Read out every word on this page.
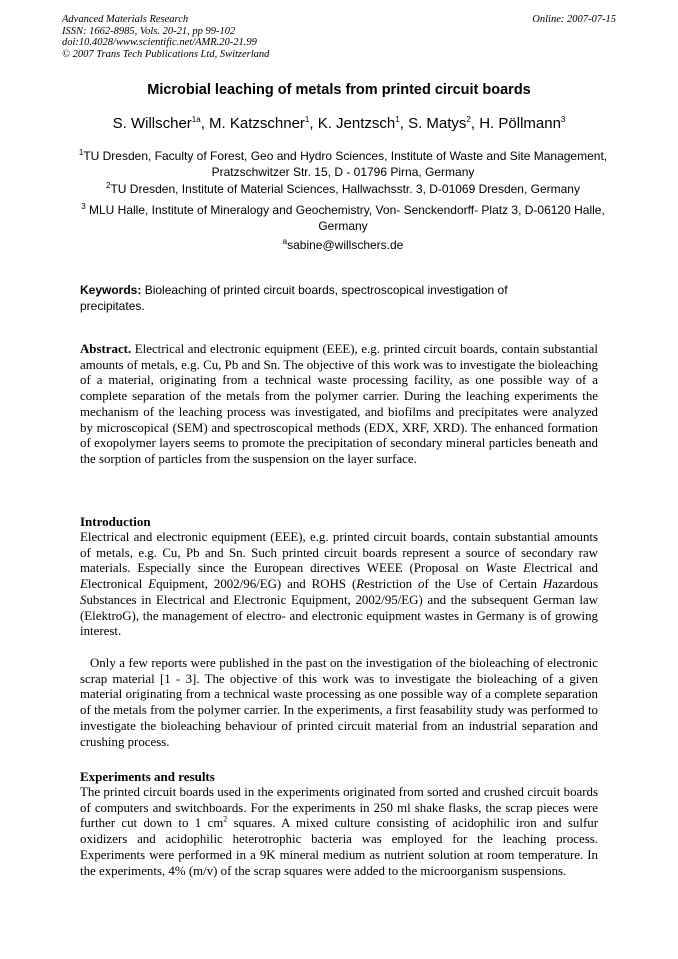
Advanced Materials Research
ISSN: 1662-8985, Vols. 20-21, pp 99-102
doi:10.4028/www.scientific.net/AMR.20-21.99
© 2007 Trans Tech Publications Ltd, Switzerland
Online: 2007-07-15
Microbial leaching of metals from printed circuit boards
S. Willscher$^{1a}$, M. Katzschner$^1$, K. Jentzsch$^1$, S. Matys$^2$, H. Pöllmann$^3$
$^1$TU Dresden, Faculty of Forest, Geo and Hydro Sciences, Institute of Waste and Site Management, Pratzschwitzer Str. 15, D - 01796 Pirna, Germany
$^2$TU Dresden, Institute of Material Sciences, Hallwachsstr. 3, D-01069 Dresden, Germany
$^3$ MLU Halle, Institute of Mineralogy and Geochemistry, Von- Senckendorff- Platz 3, D-06120 Halle, Germany
$^a$sabine@willschers.de
Keywords: Bioleaching of printed circuit boards, spectroscopical investigation of precipitates.
Abstract. Electrical and electronic equipment (EEE), e.g. printed circuit boards, contain substantial amounts of metals, e.g. Cu, Pb and Sn. The objective of this work was to investigate the bioleaching of a material, originating from a technical waste processing facility, as one possible way of a complete separation of the metals from the polymer carrier. During the leaching experiments the mechanism of the leaching process was investigated, and biofilms and precipitates were analyzed by microscopical (SEM) and spectroscopical methods (EDX, XRF, XRD). The enhanced formation of exopolymer layers seems to promote the precipitation of secondary mineral particles beneath and the sorption of particles from the suspension on the layer surface.
Introduction
Electrical and electronic equipment (EEE), e.g. printed circuit boards, contain substantial amounts of metals, e.g. Cu, Pb and Sn. Such printed circuit boards represent a source of secondary raw materials. Especially since the European directives WEEE (Proposal on Waste Electrical and Electronical Equipment, 2002/96/EG) and ROHS (Restriction of the Use of Certain Hazardous Substances in Electrical and Electronic Equipment, 2002/95/EG) and the subsequent German law (ElektroG), the management of electro- and electronic equipment wastes in Germany is of growing interest.
Only a few reports were published in the past on the investigation of the bioleaching of electronic scrap material [1 - 3]. The objective of this work was to investigate the bioleaching of a given material originating from a technical waste processing as one possible way of a complete separation of the metals from the polymer carrier. In the experiments, a first feasability study was performed to investigate the bioleaching behaviour of printed circuit material from an industrial separation and crushing process.
Experiments and results
The printed circuit boards used in the experiments originated from sorted and crushed circuit boards of computers and switchboards. For the experiments in 250 ml shake flasks, the scrap pieces were further cut down to 1 $cm^2$ squares. A mixed culture consisting of acidophilic iron and sulfur oxidizers and acidophilic heterotrophic bacteria was employed for the leaching process. Experiments were performed in a 9K mineral medium as nutrient solution at room temperature. In the experiments, 4% (m/v) of the scrap squares were added to the microorganism suspensions.
